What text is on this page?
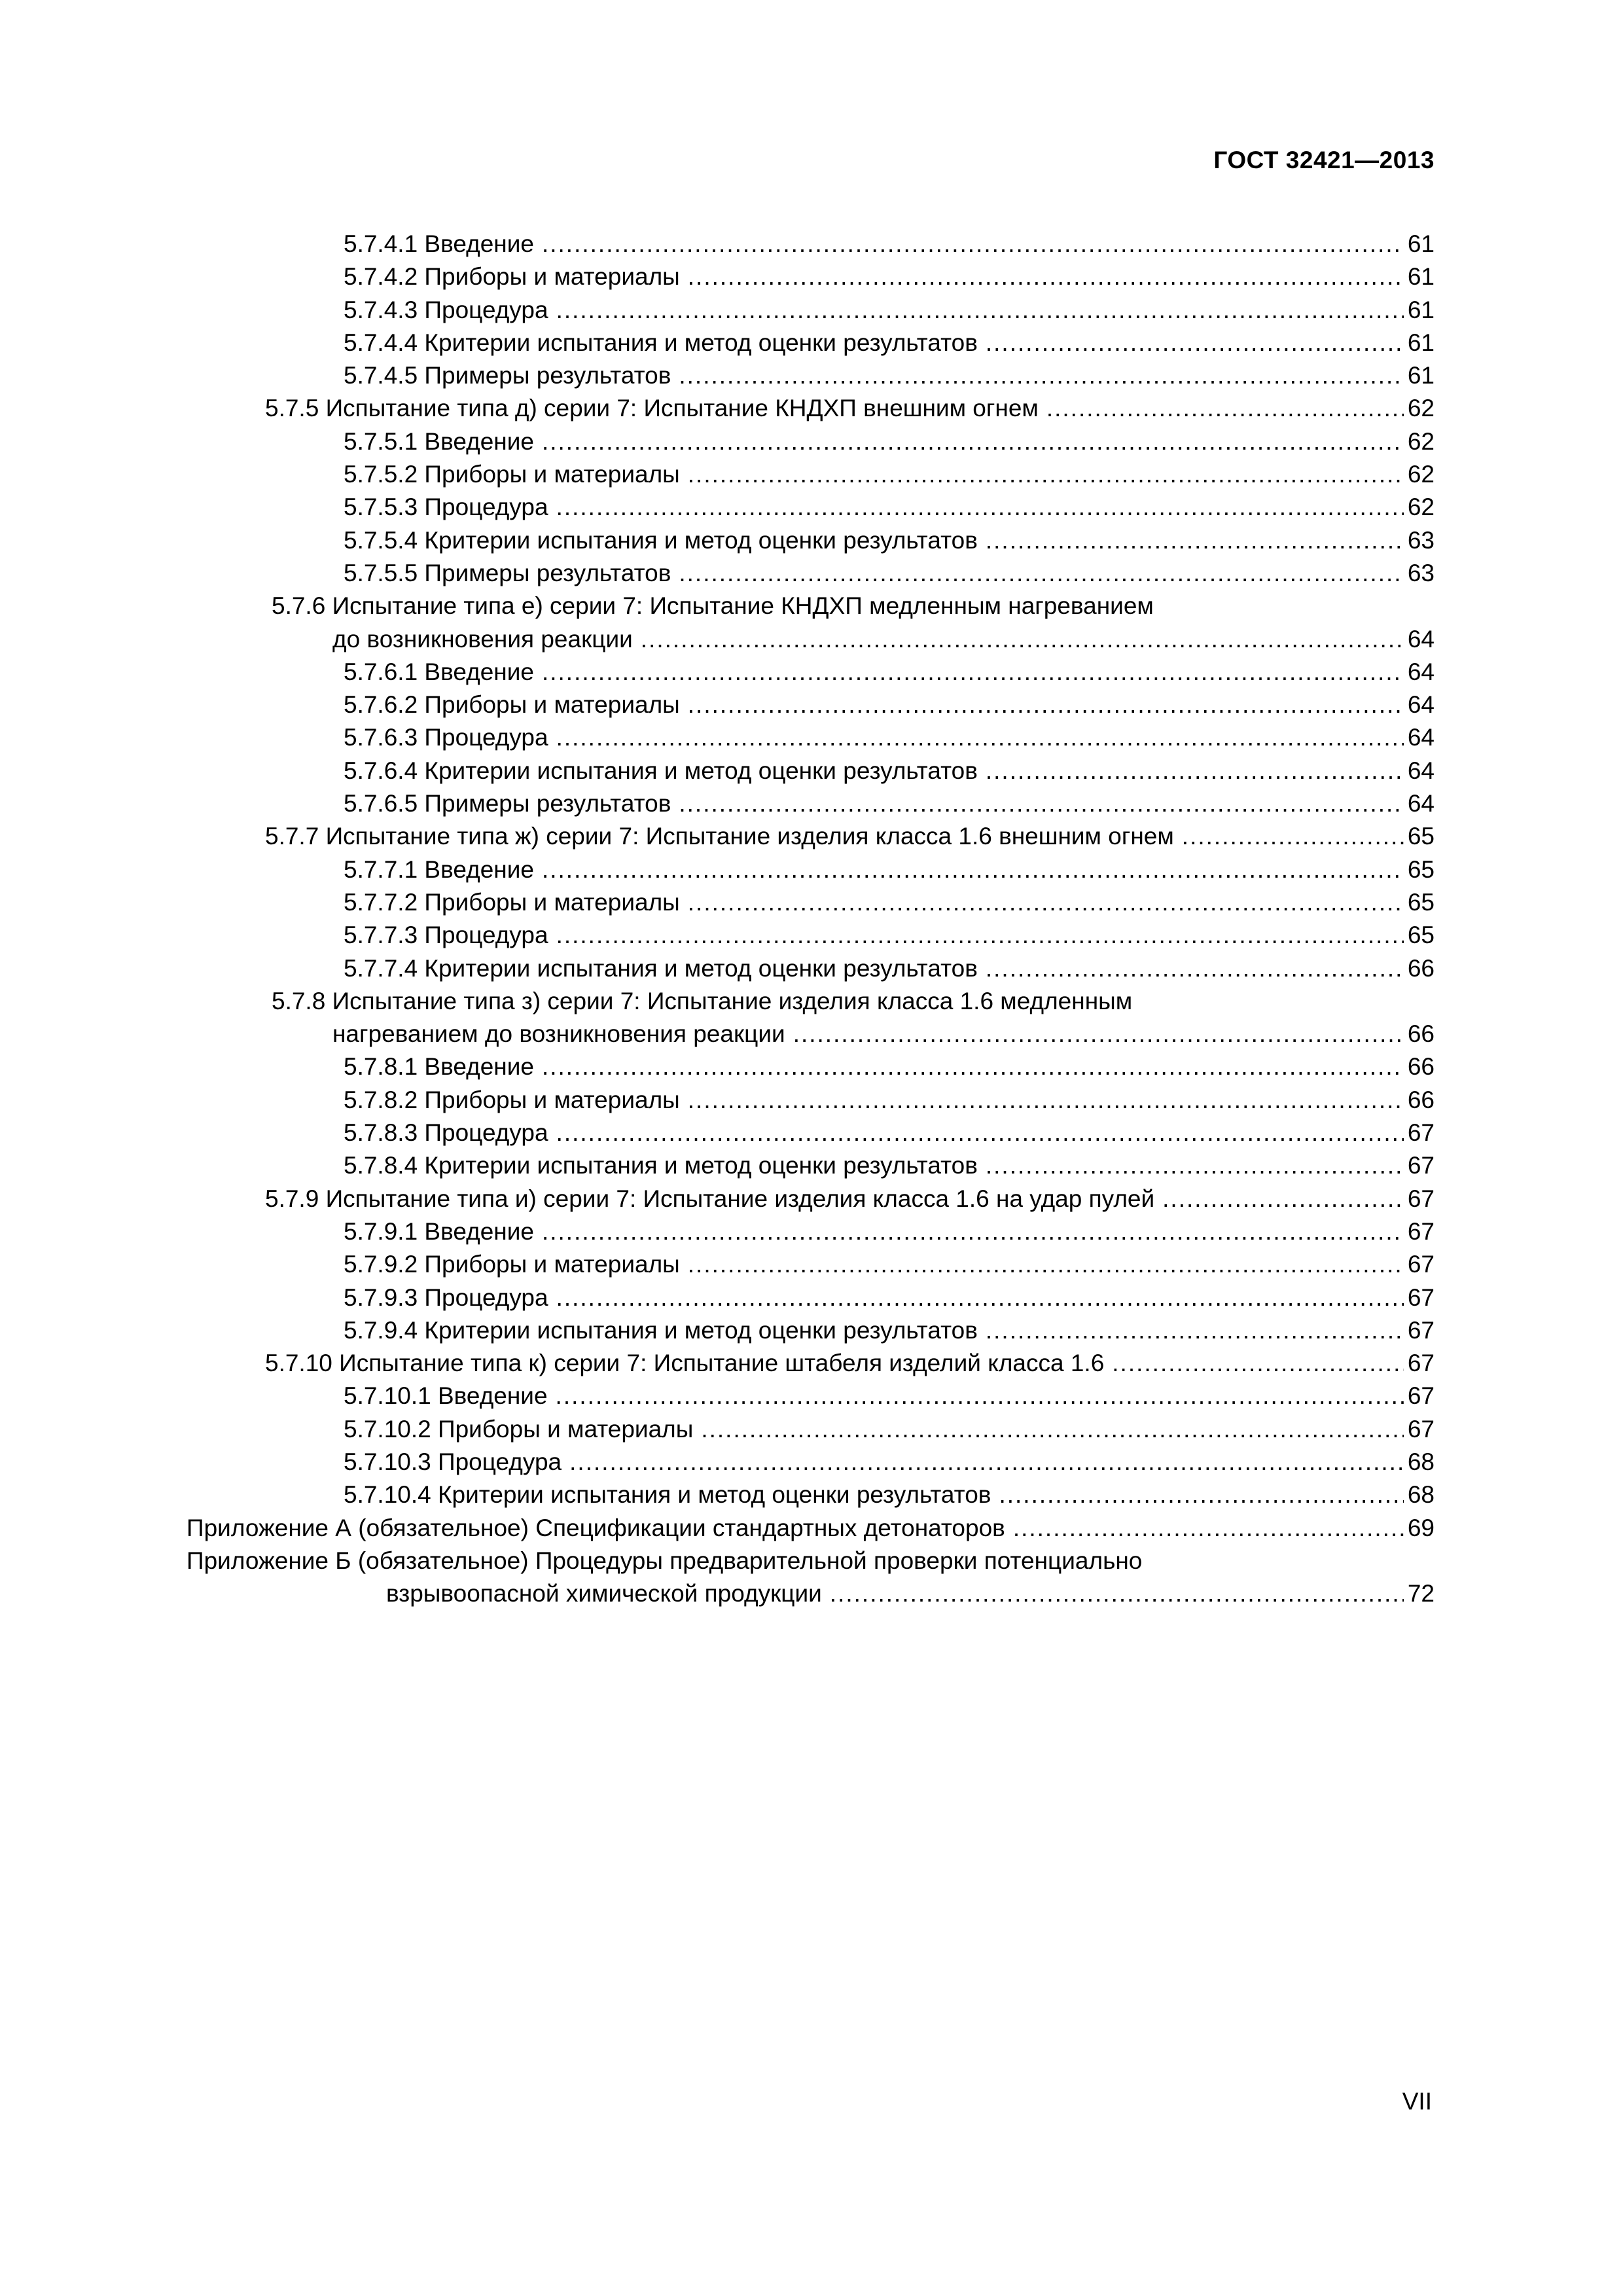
ГОСТ 32421—2013
5.7.4.1 Введение .....	61
5.7.4.2 Приборы и материалы .....	61
5.7.4.3 Процедура .....	61
5.7.4.4 Критерии испытания и метод оценки результатов .....	61
5.7.4.5 Примеры результатов .....	61
5.7.5 Испытание типа д) серии 7: Испытание КНДХП внешним огнем .....	62
5.7.5.1 Введение .....	62
5.7.5.2 Приборы и материалы .....	62
5.7.5.3 Процедура .....	62
5.7.5.4 Критерии испытания и метод оценки результатов .....	63
5.7.5.5 Примеры результатов .....	63
5.7.6 Испытание типа е) серии 7: Испытание КНДХП медленным нагреванием
до возникновения реакции .....	64
5.7.6.1 Введение .....	64
5.7.6.2 Приборы и материалы .....	64
5.7.6.3 Процедура .....	64
5.7.6.4 Критерии испытания и метод оценки результатов .....	64
5.7.6.5 Примеры результатов .....	64
5.7.7 Испытание типа ж) серии 7: Испытание изделия класса 1.6 внешним огнем .....	65
5.7.7.1 Введение .....	65
5.7.7.2 Приборы и материалы .....	65
5.7.7.3 Процедура .....	65
5.7.7.4 Критерии испытания и метод оценки результатов .....	66
5.7.8 Испытание типа з) серии 7: Испытание изделия класса 1.6 медленным
нагреванием до возникновения реакции .....	66
5.7.8.1 Введение .....	66
5.7.8.2 Приборы и материалы .....	66
5.7.8.3 Процедура .....	67
5.7.8.4 Критерии испытания и метод оценки результатов .....	67
5.7.9 Испытание типа и) серии 7: Испытание изделия класса 1.6 на удар пулей .....	67
5.7.9.1 Введение .....	67
5.7.9.2 Приборы и материалы .....	67
5.7.9.3 Процедура .....	67
5.7.9.4 Критерии испытания и метод оценки результатов .....	67
5.7.10 Испытание типа к) серии 7: Испытание штабеля изделий класса 1.6 .....	67
5.7.10.1 Введение .....	67
5.7.10.2 Приборы и материалы .....	67
5.7.10.3 Процедура .....	68
5.7.10.4 Критерии испытания и метод оценки результатов .....	68
Приложение А (обязательное) Спецификации стандартных детонаторов .....	69
Приложение Б (обязательное) Процедуры предварительной проверки потенциально
взрывоопасной химической продукции .....	72
VII
